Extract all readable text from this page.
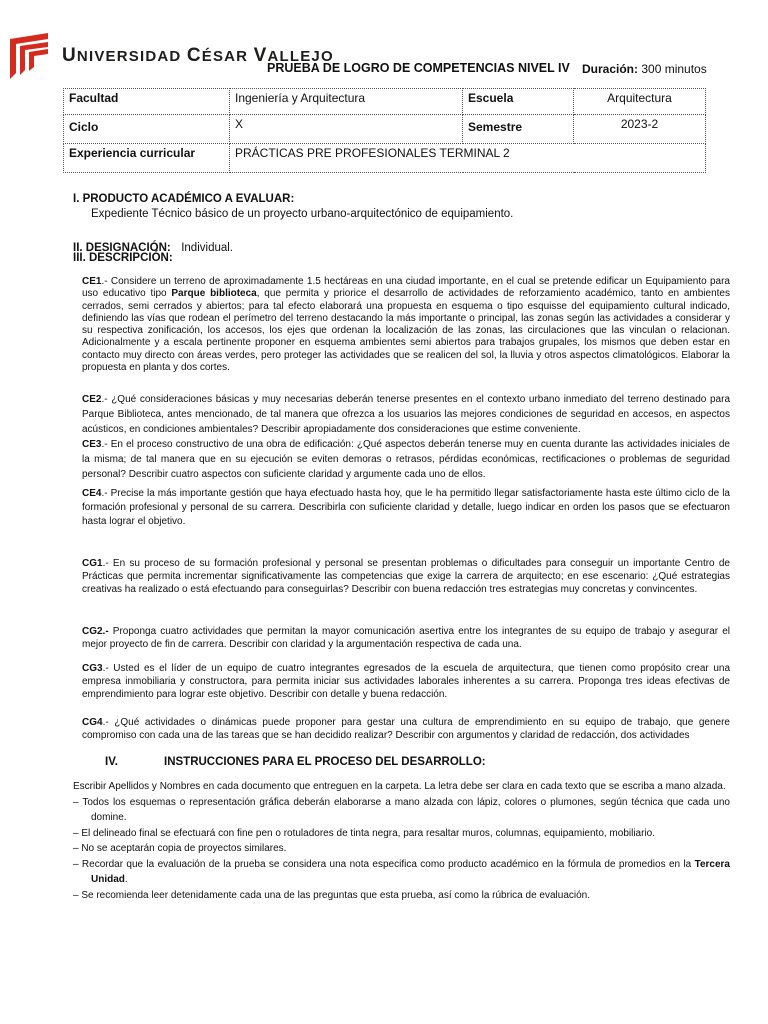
UNIVERSIDAD CÉSAR VALLEJO
PRUEBA DE LOGRO DE COMPETENCIAS NIVEL IV Duración: 300 minutos
Facultad	Ingeniería y Arquitectura	Escuela	Arquitectura
Ciclo	X	Semestre	2023-2
Experiencia curricular	PRÁCTICAS PRE PROFESIONALES TERMINAL 2		
I. PRODUCTO ACADÉMICO A EVALUAR:
Expediente Técnico básico de un proyecto urbano-arquitectónico de equipamiento.
II. DESIGNACIÓN: Individual.
III. DESCRIPCIÓN:
CE1.- Considere un terreno de aproximadamente 1.5 hectáreas en una ciudad importante, en el cual se pretende edificar un Equipamiento para uso educativo tipo Parque biblioteca, que permita y priorice el desarrollo de actividades de reforzamiento académico, tanto en ambientes cerrados, semi cerrados y abiertos; para tal efecto elaborará una propuesta en esquema o tipo esquisse del equipamiento cultural indicado, definiendo las vías que rodean el perímetro del terreno destacando la más importante o principal, las zonas según las actividades a considerar y su respectiva zonificación, los accesos, los ejes que ordenan la localización de las zonas, las circulaciones que las vinculan o relacionan. Adicionalmente y a escala pertinente proponer en esquema ambientes semi abiertos para trabajos grupales, los mismos que deben estar en contacto muy directo con áreas verdes, pero proteger las actividades que se realicen del sol, la lluvia y otros aspectos climatológicos. Elaborar la propuesta en planta y dos cortes.
CE2.- ¿Qué consideraciones básicas y muy necesarias deberán tenerse presentes en el contexto urbano inmediato del terreno destinado para Parque Biblioteca, antes mencionado, de tal manera que ofrezca a los usuarios las mejores condiciones de seguridad en accesos, en aspectos acústicos, en condiciones ambientales? Describir apropiadamente dos consideraciones que estime conveniente.
CE3.- En el proceso constructivo de una obra de edificación: ¿Qué aspectos deberán tenerse muy en cuenta durante las actividades iniciales de la misma; de tal manera que en su ejecución se eviten demoras o retrasos, pérdidas económicas, rectificaciones o problemas de seguridad personal? Describir cuatro aspectos con suficiente claridad y argumente cada uno de ellos.
CE4.- Precise la más importante gestión que haya efectuado hasta hoy, que le ha permitido llegar satisfactoriamente hasta este último ciclo de la formación profesional y personal de su carrera. Describirla con suficiente claridad y detalle, luego indicar en orden los pasos que se efectuaron hasta lograr el objetivo.
CG1.- En su proceso de su formación profesional y personal se presentan problemas o dificultades para conseguir un importante Centro de Prácticas que permita incrementar significativamente las competencias que exige la carrera de arquitecto; en ese escenario: ¿Qué estrategias creativas ha realizado o está efectuando para conseguirlas? Describir con buena redacción tres estrategias muy concretas y convincentes.
CG2.- Proponga cuatro actividades que permitan la mayor comunicación asertiva entre los integrantes de su equipo de trabajo y asegurar el mejor proyecto de fin de carrera. Describir con claridad y la argumentación respectiva de cada una.
CG3.- Usted es el líder de un equipo de cuatro integrantes egresados de la escuela de arquitectura, que tienen como propósito crear una empresa inmobiliaria y constructora, para permita iniciar sus actividades laborales inherentes a su carrera. Proponga tres ideas efectivas de emprendimiento para lograr este objetivo. Describir con detalle y buena redacción.
CG4.- ¿Qué actividades o dinámicas puede proponer para gestar una cultura de emprendimiento en su equipo de trabajo, que genere compromiso con cada una de las tareas que se han decidido realizar? Describir con argumentos y claridad de redacción, dos actividades
IV.	INSTRUCCIONES PARA EL PROCESO DEL DESARROLLO:
Escribir Apellidos y Nombres en cada documento que entreguen en la carpeta. La letra debe ser clara en cada texto que se escriba a mano alzada.
– Todos los esquemas o representación gráfica deberán elaborarse a mano alzada con lápiz, colores o plumones, según técnica que cada uno domine.
– El delineado final se efectuará con fine pen o rotuladores de tinta negra, para resaltar muros, columnas, equipamiento, mobiliario.
– No se aceptarán copia de proyectos similares.
– Recordar que la evaluación de la prueba se considera una nota especifica como producto académico en la fórmula de promedios en la Tercera Unidad.
– Se recomienda leer detenidamente cada una de las preguntas que esta prueba, así como la rúbrica de evaluación.
